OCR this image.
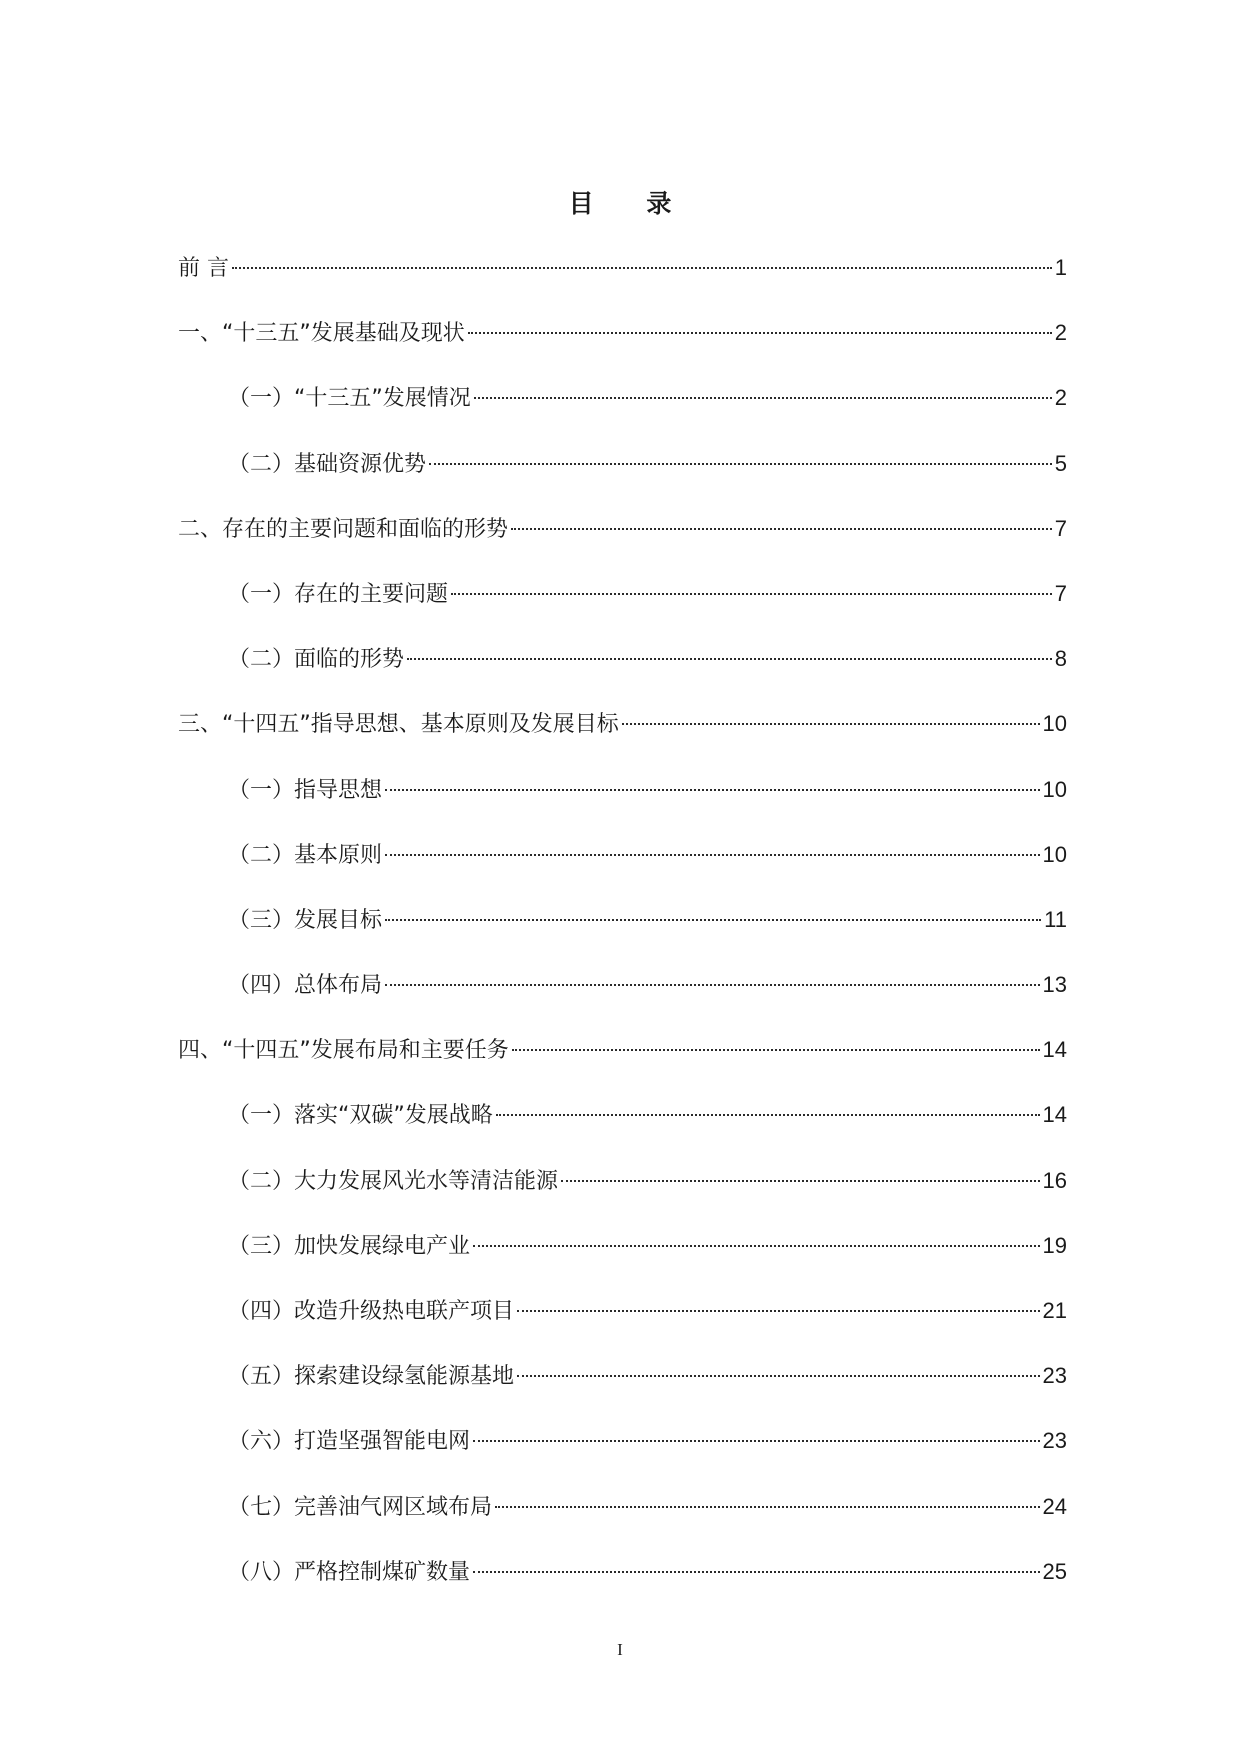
目 录
前 言	1
一、“十三五”发展基础及现状	2
（一）“十三五”发展情况	2
（二）基础资源优势	5
二、存在的主要问题和面临的形势	7
（一）存在的主要问题	7
（二）面临的形势	8
三、“十四五”指导思想、基本原则及发展目标	10
（一）指导思想	10
（二）基本原则	10
（三）发展目标	11
（四）总体布局	13
四、“十四五”发展布局和主要任务	14
（一）落实“双碳”发展战略	14
（二）大力发展风光水等清洁能源	16
（三）加快发展绿电产业	19
（四）改造升级热电联产项目	21
（五）探索建设绿氢能源基地	23
（六）打造坚强智能电网	23
（七）完善油气网区域布局	24
（八）严格控制煤矿数量	25
I
